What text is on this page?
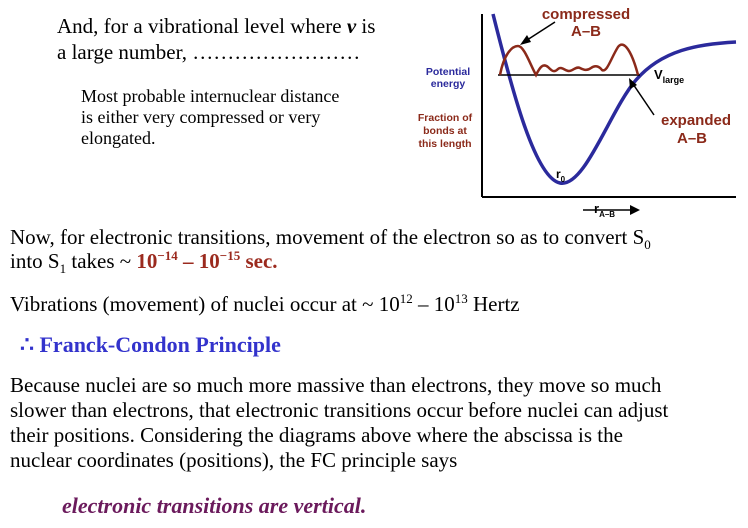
And, for a vibrational level where v is
a large number, ……………………
Most probable internuclear distance
is either very compressed or very
elongated.
compressed
A–B
Potential
energy
Fraction of
bonds at
this length
$V_{large}$
expanded
A–B
$r_0$
$r_{A-B}$
Now, for electronic transitions, movement of the electron so as to convert $S_0$
into $S_1$ takes ~ $10^{-14} - 10^{-15}$ sec.
Vibrations (movement) of nuclei occur at ~ $10^{12} - 10^{13}$ Hertz
∴ Franck-Condon Principle
Because nuclei are so much more massive than electrons, they move so much
slower than electrons, that electronic transitions occur before nuclei can adjust
their positions. Considering the diagrams above where the abscissa is the
nuclear coordinates (positions), the FC principle says
electronic transitions are vertical.
